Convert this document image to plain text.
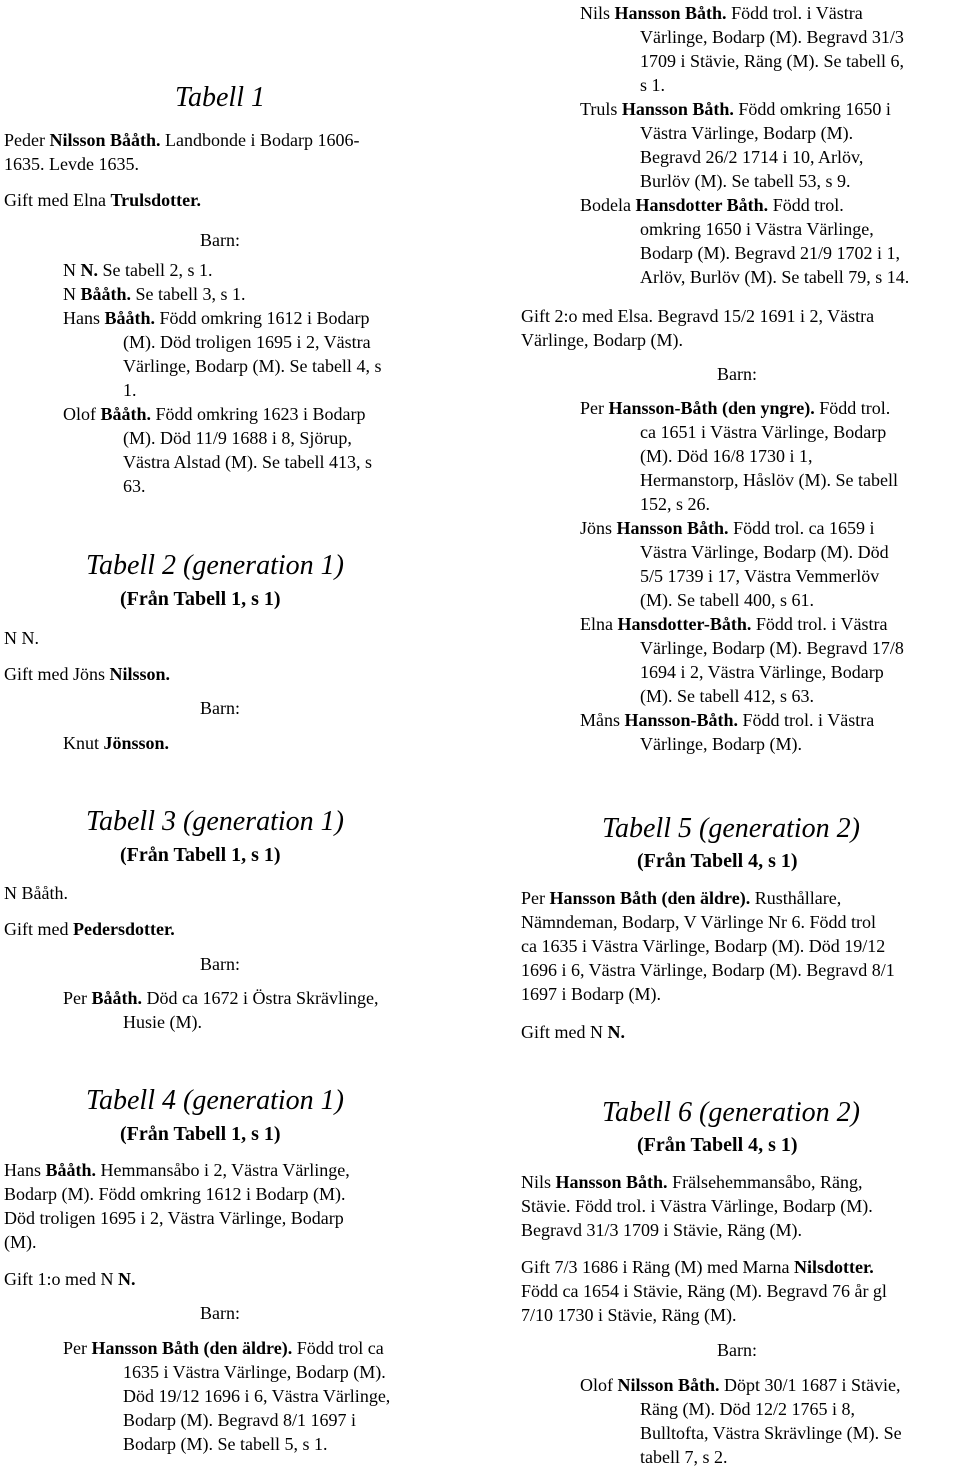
Tabell 1
Peder Nilsson Bååth. Landbonde i Bodarp 1606-
1635. Levde 1635.
Gift med Elna Trulsdotter.
Barn:
N N. Se tabell 2, s 1.
N Bååth. Se tabell 3, s 1.
Hans Bååth. Född omkring 1612 i Bodarp
(M). Död troligen 1695 i 2, Västra
Värlinge, Bodarp (M). Se tabell 4, s
1.
Olof Bååth. Född omkring 1623 i Bodarp
(M). Död 11/9 1688 i 8, Sjörup,
Västra Alstad (M). Se tabell 413, s
63.
Tabell 2 (generation 1)
(Från Tabell 1, s 1)
N N.
Gift med Jöns Nilsson.
Barn:
Knut Jönsson.
Tabell 3 (generation 1)
(Från Tabell 1, s 1)
N Bååth.
Gift med Pedersdotter.
Barn:
Per Bååth. Död ca 1672 i Östra Skrävlinge,
Husie (M).
Tabell 4 (generation 1)
(Från Tabell 1, s 1)
Hans Bååth. Hemmansåbo i 2, Västra Värlinge,
Bodarp (M). Född omkring 1612 i Bodarp (M).
Död troligen 1695 i 2, Västra Värlinge, Bodarp
(M).
Gift 1:o med N N.
Barn:
Per Hansson Båth (den äldre). Född trol ca
1635 i Västra Värlinge, Bodarp (M).
Död 19/12 1696 i 6, Västra Värlinge,
Bodarp (M). Begravd 8/1 1697 i
Bodarp (M). Se tabell 5, s 1.
Nils Hansson Båth. Född trol. i Västra
Värlinge, Bodarp (M). Begravd 31/3
1709 i Stävie, Räng (M). Se tabell 6,
s 1.
Truls Hansson Båth. Född omkring 1650 i
Västra Värlinge, Bodarp (M).
Begravd 26/2 1714 i 10, Arlöv,
Burlöv (M). Se tabell 53, s 9.
Bodela Hansdotter Båth. Född trol.
omkring 1650 i Västra Värlinge,
Bodarp (M). Begravd 21/9 1702 i 1,
Arlöv, Burlöv (M). Se tabell 79, s 14.
Gift 2:o med Elsa. Begravd 15/2 1691 i 2, Västra
Värlinge, Bodarp (M).
Barn:
Per Hansson-Båth (den yngre). Född trol.
ca 1651 i Västra Värlinge, Bodarp
(M). Död 16/8 1730 i 1,
Hermanstorp, Håslöv (M). Se tabell
152, s 26.
Jöns Hansson Båth. Född trol. ca 1659 i
Västra Värlinge, Bodarp (M). Död
5/5 1739 i 17, Västra Vemmerlöv
(M). Se tabell 400, s 61.
Elna Hansdotter-Båth. Född trol. i Västra
Värlinge, Bodarp (M). Begravd 17/8
1694 i 2, Västra Värlinge, Bodarp
(M). Se tabell 412, s 63.
Måns Hansson-Båth. Född trol. i Västra
Värlinge, Bodarp (M).
Tabell 5 (generation 2)
(Från Tabell 4, s 1)
Per Hansson Båth (den äldre). Rusthållare,
Nämndeman, Bodarp, V Värlinge Nr 6. Född trol
ca 1635 i Västra Värlinge, Bodarp (M). Död 19/12
1696 i 6, Västra Värlinge, Bodarp (M). Begravd 8/1
1697 i Bodarp (M).
Gift med N N.
Tabell 6 (generation 2)
(Från Tabell 4, s 1)
Nils Hansson Båth. Frälsehemmansåbo, Räng,
Stävie. Född trol. i Västra Värlinge, Bodarp (M).
Begravd 31/3 1709 i Stävie, Räng (M).
Gift 7/3 1686 i Räng (M) med Marna Nilsdotter.
Född ca 1654 i Stävie, Räng (M). Begravd 76 år gl
7/10 1730 i Stävie, Räng (M).
Barn:
Olof Nilsson Båth. Döpt 30/1 1687 i Stävie,
Räng (M). Död 12/2 1765 i 8,
Bulltofta, Västra Skrävlinge (M). Se
tabell 7, s 2.
